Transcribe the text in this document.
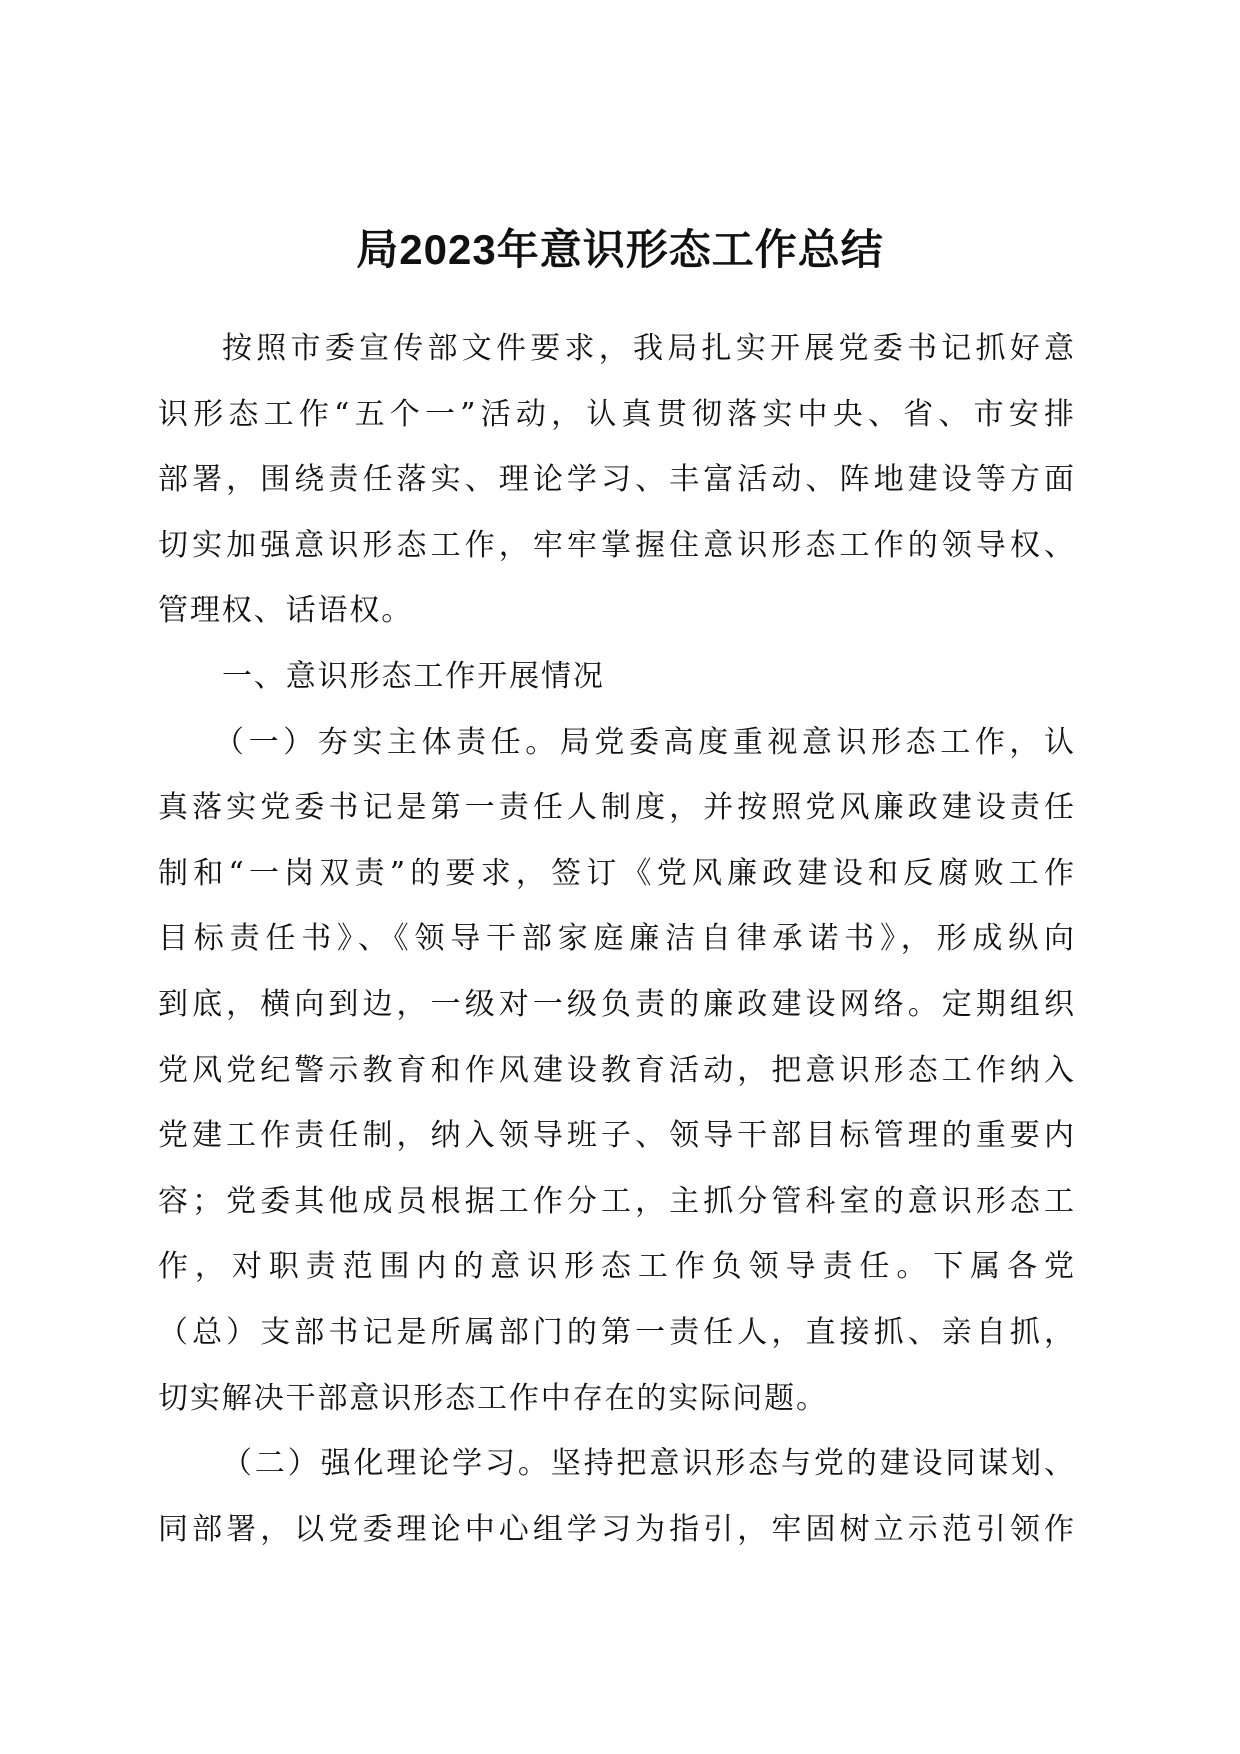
局2023年意识形态工作总结
按照市委宣传部文件要求，我局扎实开展党委书记抓好意
识形态工作“五个一”活动，认真贯彻落实中央、省、市安排
部署，围绕责任落实、理论学习、丰富活动、阵地建设等方面
切实加强意识形态工作，牢牢掌握住意识形态工作的领导权、
管理权、话语权。
一、意识形态工作开展情况
（一）夯实主体责任。局党委高度重视意识形态工作，认
真落实党委书记是第一责任人制度，并按照党风廉政建设责任
制和“一岗双责”的要求，签订《党风廉政建设和反腐败工作
目标责任书》、《领导干部家庭廉洁自律承诺书》，形成纵向
到底，横向到边，一级对一级负责的廉政建设网络。定期组织
党风党纪警示教育和作风建设教育活动，把意识形态工作纳入
党建工作责任制，纳入领导班子、领导干部目标管理的重要内
容；党委其他成员根据工作分工，主抓分管科室的意识形态工
作，对职责范围内的意识形态工作负领导责任。下属各党
（总）支部书记是所属部门的第一责任人，直接抓、亲自抓，
切实解决干部意识形态工作中存在的实际问题。
（二）强化理论学习。坚持把意识形态与党的建设同谋划、
同部署，以党委理论中心组学习为指引，牢固树立示范引领作
